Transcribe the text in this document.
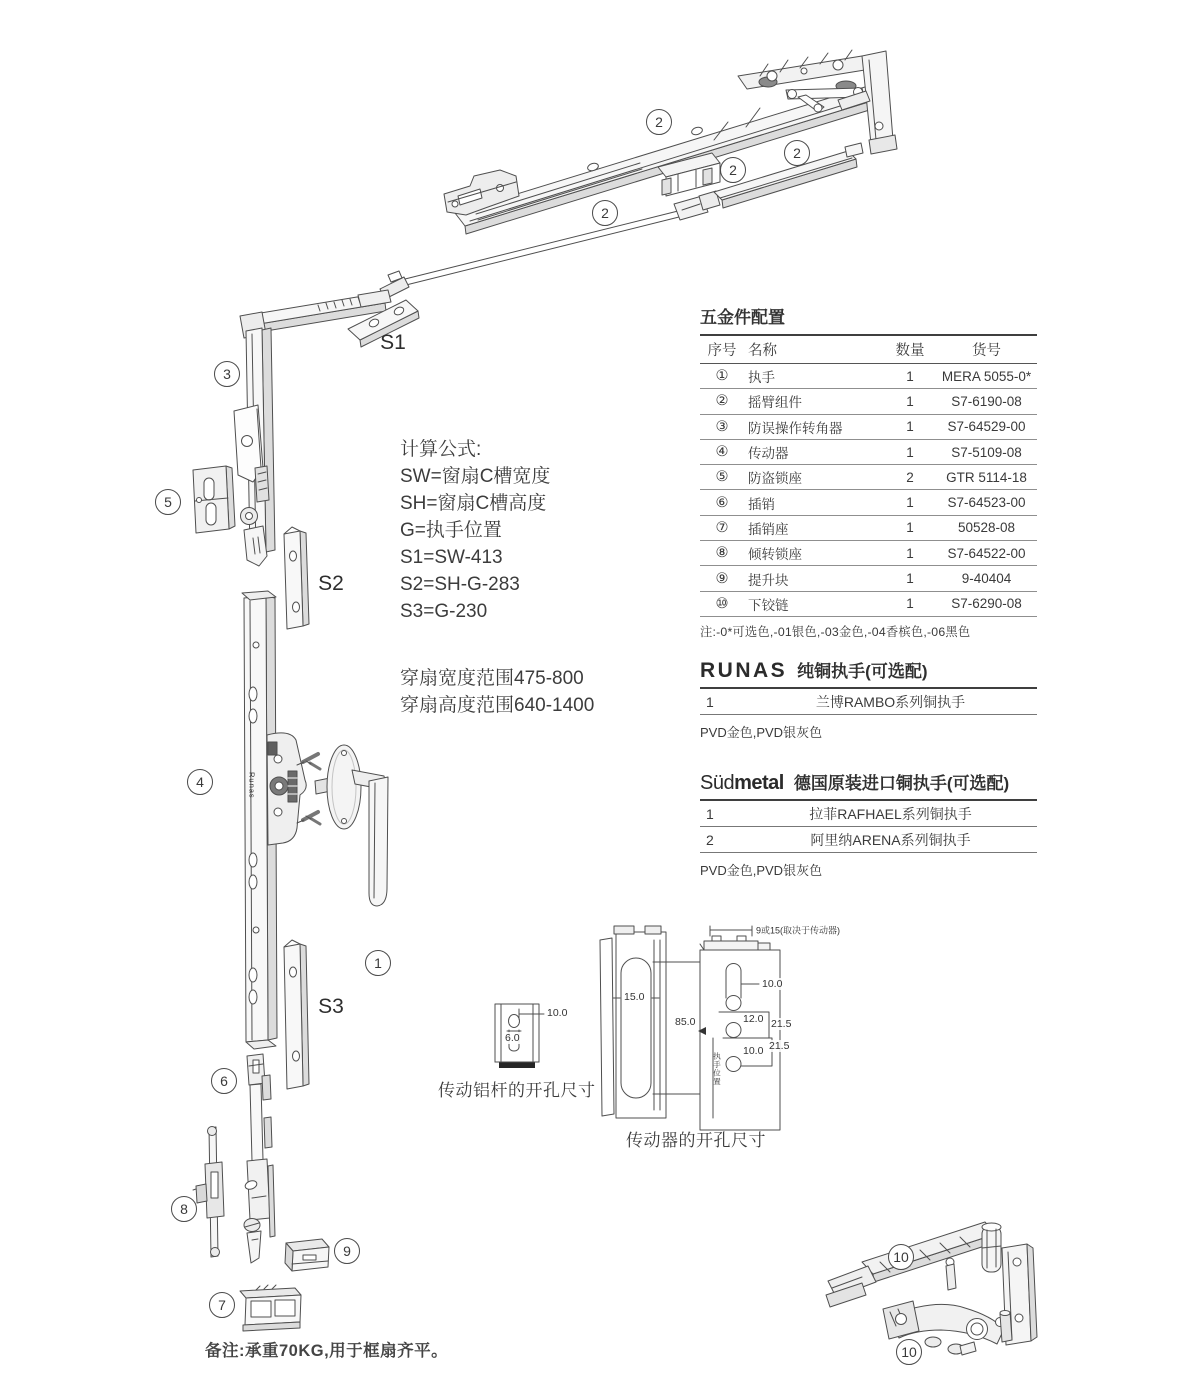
2
2
2
2
3
5
4
1
6
8
9
7
10
10
S1
S2
S3	10.0
6.0
15.0
85.0
10.0
12.0 21.5
10.0 21.5
9或15(取决于传动器)
执手位置
Runas
传动铝杆的开孔尺寸
传动器的开孔尺寸
五金件配置
序号 名称	数量	货号
①	执手	1	MERA 5055-0*
②	摇臂组件	1	S7-6190-08
③	防误操作转角器	1	S7-64529-00
④	传动器	1	S7-5109-08
⑤	防盗锁座	2	GTR 5114-18
⑥	插销	1	S7-64523-00
⑦	插销座	1	50528-08
⑧	倾转锁座	1	S7-64522-00
⑨	提升块	1	9-40404
⑩	下铰链	1	S7-6290-08
注:-0*可选色,-01银色,-03金色,-04香槟色,-06黑色
RUNAS 纯铜执手(可选配)
1	兰博RAMBO系列铜执手
PVD金色,PVD银灰色
Südmetal 德国原装进口铜执手(可选配)
1	拉菲RAFHAEL系列铜执手
2	阿里纳ARENA系列铜执手
PVD金色,PVD银灰色
计算公式:
SW=窗扇C槽宽度
SH=窗扇C槽高度
G=执手位置
S1=SW-413
S2=SH-G-283
S3=G-230
穿扇宽度范围475-800
穿扇高度范围640-1400
备注:承重70KG,用于框扇齐平。
